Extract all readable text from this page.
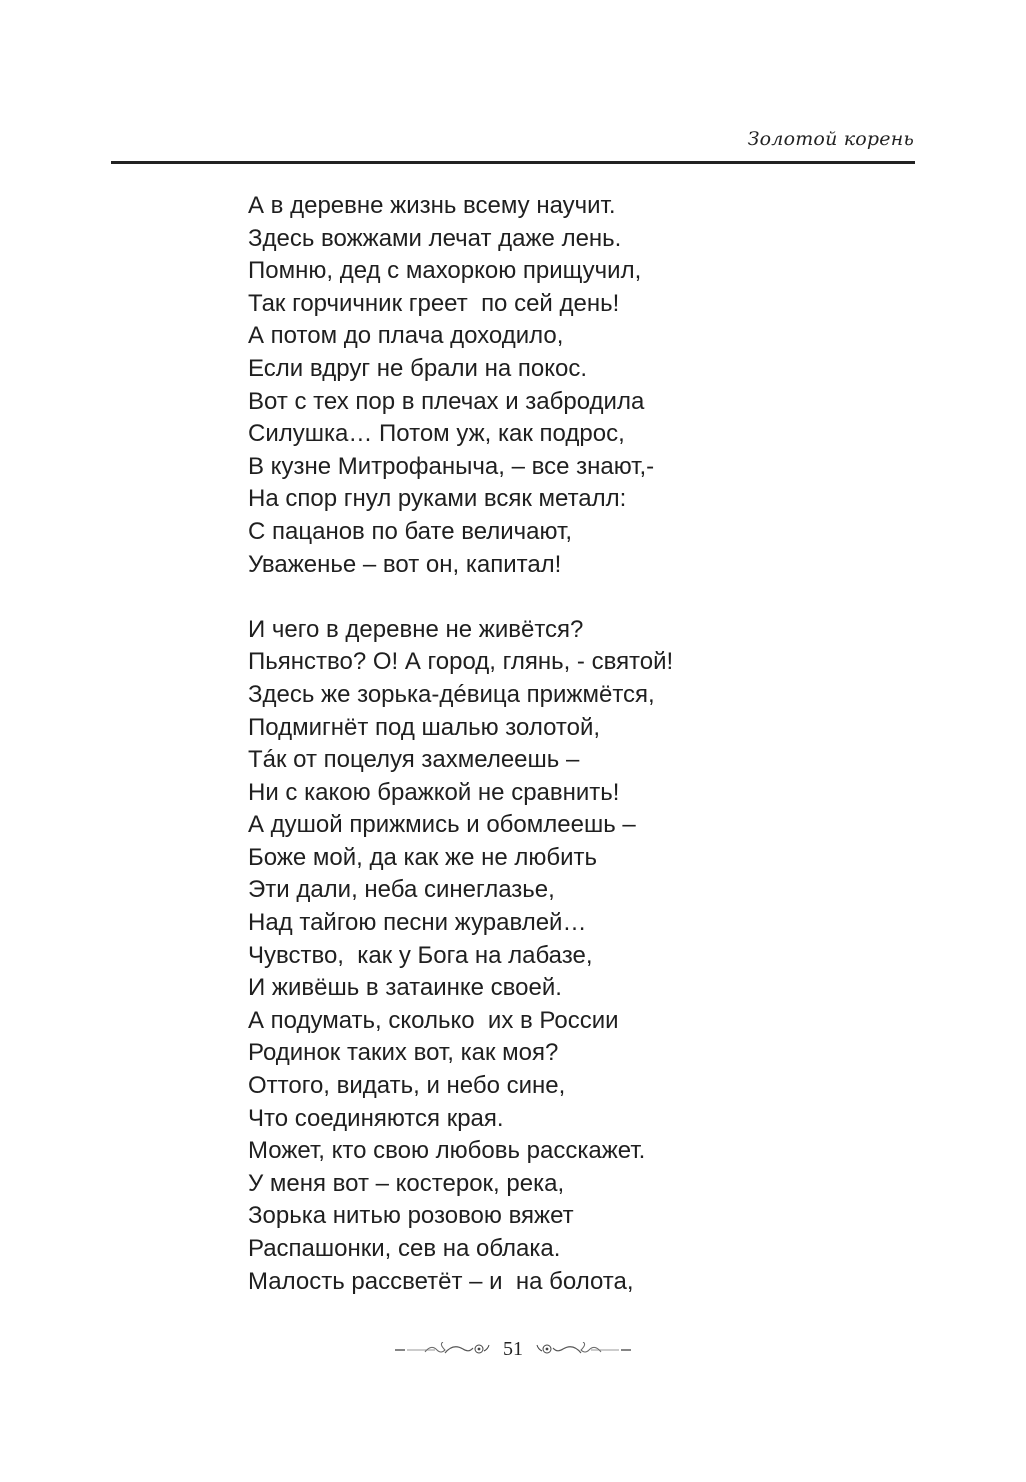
Золотой корень
А в деревне жизнь всему научит.
Здесь вожжами лечат даже лень.
Помню, дед с махоркою прищучил,
Так горчичник греет  по сей день!
А потом до плача доходило,
Если вдруг не брали на покос.
Вот с тех пор в плечах и забродила
Силушка… Потом уж, как подрос,
В кузне Митрофаныча, – все знают,-
На спор гнул руками всяк металл:
С пацанов по бате величают,
Уваженье – вот он, капитал!
И чего в деревне не живётся?
Пьянство? О! А город, глянь, - святой!
Здесь же зорька-дéвица прижмётся,
Подмигнёт под шалью золотой,
Тáк от поцелуя захмелеешь –
Ни с какою бражкой не сравнить!
А душой прижмись и обомлеешь –
Боже мой, да как же не любить
Эти дали, неба синеглазье,
Над тайгою песни журавлей…
Чувство,  как у Бога на лабазе,
И живёшь в затаинке своей.
А подумать, сколько  их в России
Родинок таких вот, как моя?
Оттого, видать, и небо сине,
Что соединяются края.
Может, кто свою любовь расскажет.
У меня вот – костерок, река,
Зорька нитью розовою вяжет
Распашонки, сев на облака.
Малость рассветёт – и  на болота,
51
